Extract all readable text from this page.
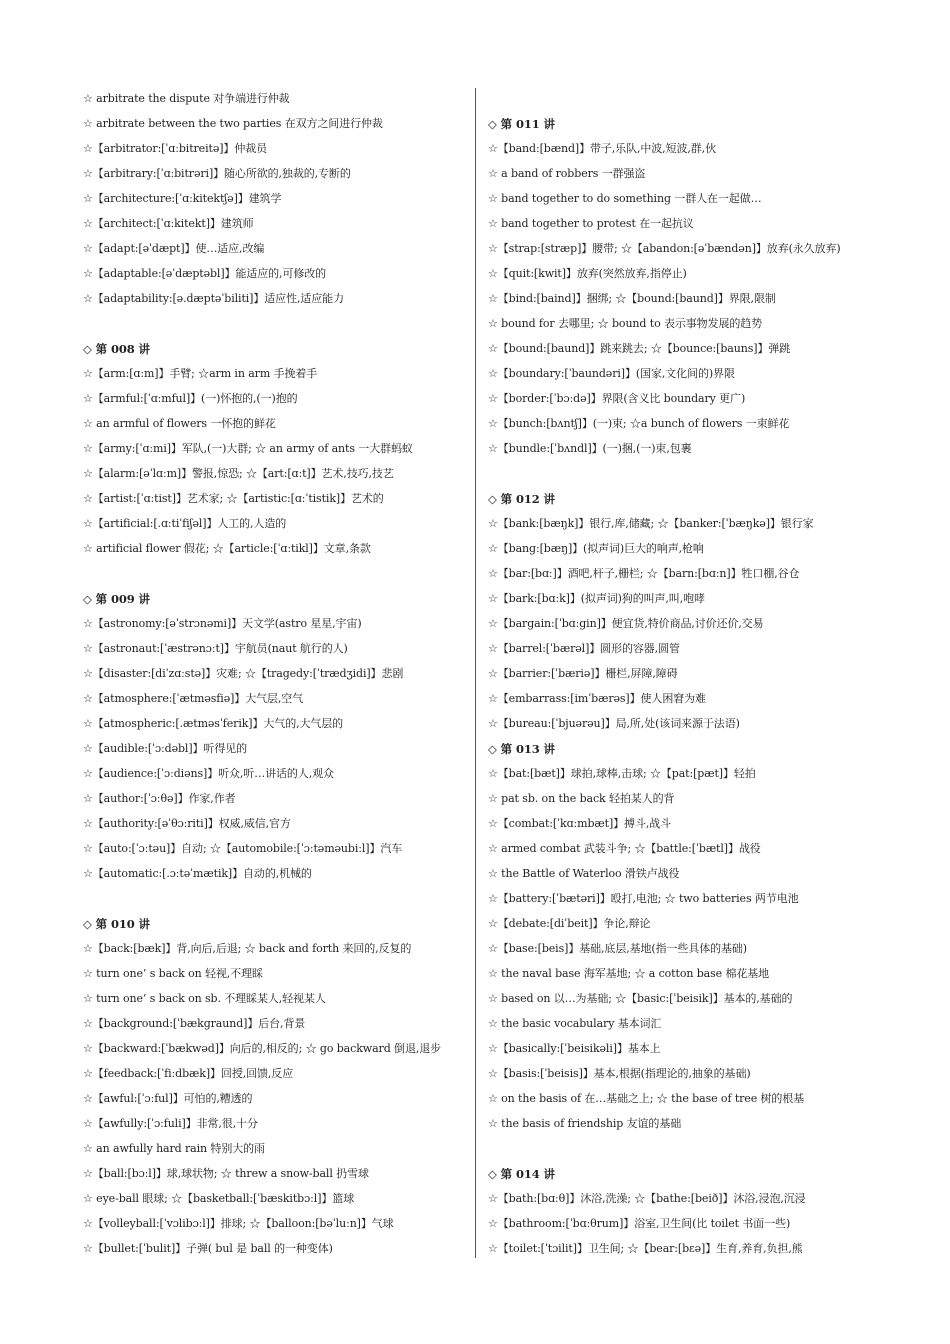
☆ arbitrate the dispute 对争端进行仲裁
☆ arbitrate between the two parties 在双方之间进行仲裁
☆【arbitrator:[ˈɑːbitreitə]】仲裁员
☆【arbitrary:[ˈɑːbitrəri]】随心所欲的,独裁的,专断的
☆【architecture:[ˈɑːkitektʃə]】建筑学
☆【architect:[ˈɑːkitekt]】建筑师
☆【adapt:[əˈdæpt]】使…适应,改编
☆【adaptable:[əˈdæptəbl]】能适应的,可修改的
☆【adaptability:[ə.dæptəˈbiliti]】适应性,适应能力
◇ 第 008 讲
☆【arm:[ɑːm]】手臂; ☆arm in arm 手挽着手
☆【armful:[ˈɑːmful]】(一)怀抱的,(一)抱的
☆ an armful of flowers 一怀抱的鲜花
☆【army:[ˈɑːmi]】军队,(一)大群; ☆ an army of ants 一大群蚂蚁
☆【alarm:[əˈlɑːm]】警报,惊恐; ☆【art:[ɑːt]】艺术,技巧,技艺
☆【artist:[ˈɑːtist]】艺术家; ☆【artistic:[ɑːˈtistik]】艺术的
☆【artificial:[.ɑːtiˈfiʃəl]】人工的,人造的
☆ artificial flower 假花; ☆【article:[ˈɑːtikl]】文章,条款
◇ 第 009 讲
☆【astronomy:[əˈstrɔnəmi]】天文学(astro 星星,宇宙)
☆【astronaut:[ˈæstrənɔːt]】宇航员(naut 航行的人)
☆【disaster:[diˈzɑːstə]】灾难; ☆【tragedy:[ˈtrædʒidi]】悲剧
☆【atmosphere:[ˈætməsfiə]】大气层,空气
☆【atmospheric:[.ætməsˈferik]】大气的,大气层的
☆【audible:[ˈɔːdəbl]】听得见的
☆【audience:[ˈɔːdiəns]】听众,听…讲话的人,观众
☆【author:[ˈɔːθə]】作家,作者
☆【authority:[əˈθɔːriti]】权威,威信,官方
☆【auto:[ˈɔːtəu]】自动; ☆【automobile:[ˈɔːtəməubiːl]】汽车
☆【automatic:[.ɔːtəˈmætik]】自动的,机械的
◇ 第 010 讲
☆【back:[bæk]】背,向后,后退; ☆ back and forth 来回的,反复的
☆ turn one’ s back on 轻视,不理睬
☆ turn one’ s back on sb. 不理睬某人,轻视某人
☆【background:[ˈbækgraund]】后台,背景
☆【backward:[ˈbækwəd]】向后的,相反的; ☆ go backward 倒退,退步
☆【feedback:[ˈfiːdbæk]】回授,回馈,反应
☆【awful:[ˈɔːful]】可怕的,糟透的
☆【awfully:[ˈɔːfuli]】非常,很,十分
☆ an awfully hard rain 特别大的雨
☆【ball:[bɔːl]】球,球状物; ☆ threw a snow-ball 扔雪球
☆ eye-ball 眼球; ☆【basketball:[ˈbæskitbɔːl]】篮球
☆【volleyball:[ˈvɔlibɔːl]】排球; ☆【balloon:[bəˈluːn]】气球
☆【bullet:[ˈbulit]】子弹( bul 是 ball 的一种变体)
◇ 第 011 讲
☆【band:[bænd]】带子,乐队,中波,短波,群,伙
☆ a band of robbers 一群强盗
☆ band together to do something 一群人在一起做…
☆ band together to protest 在一起抗议
☆【strap:[stræp]】腰带; ☆【abandon:[əˈbændən]】放弃(永久放弃)
☆【quit:[kwit]】放弃(突然放弃,指停止)
☆【bind:[baind]】捆绑; ☆【bound:[baund]】界限,限制
☆ bound for 去哪里; ☆ bound to 表示事物发展的趋势
☆【bound:[baund]】跳来跳去; ☆【bounce:[bauns]】弹跳
☆【boundary:[ˈbaundəri]】(国家,文化间的)界限
☆【border:[ˈbɔːdə]】界限(含义比 boundary 更广)
☆【bunch:[bʌntʃ]】(一)束; ☆a bunch of flowers 一束鲜花
☆【bundle:[ˈbʌndl]】(一)捆,(一)束,包裹
◇ 第 012 讲
☆【bank:[bæŋk]】银行,库,储藏; ☆【banker:[ˈbæŋkə]】银行家
☆【bang:[bæŋ]】(拟声词)巨大的响声,枪响
☆【bar:[bɑː]】酒吧,杆子,栅栏; ☆【barn:[bɑːn]】牲口棚,谷仓
☆【bark:[bɑːk]】(拟声词)狗的叫声,叫,咆哮
☆【bargain:[ˈbɑːgin]】便宜货,特价商品,讨价还价,交易
☆【barrel:[ˈbærəl]】圆形的容器,圆管
☆【barrier:[ˈbæriə]】栅栏,屏障,障碍
☆【embarrass:[imˈbærəs]】使人困窘为难
☆【bureau:[ˈbjuərəu]】局,所,处(该词来源于法语)
◇ 第 013 讲
☆【bat:[bæt]】球拍,球棒,击球; ☆【pat:[pæt]】轻拍
☆ pat sb. on the back 轻拍某人的背
☆【combat:[ˈkɑːmbæt]】搏斗,战斗
☆ armed combat 武装斗争; ☆【battle:[ˈbætl]】战役
☆ the Battle of Waterloo 滑铁卢战役
☆【battery:[ˈbætəri]】殴打,电池; ☆ two batteries 两节电池
☆【debate:[diˈbeit]】争论,辩论
☆【base:[beis]】基础,底层,基地(指一些具体的基础)
☆ the naval base 海军基地; ☆ a cotton base 棉花基地
☆ based on 以…为基础; ☆【basic:[ˈbeisik]】基本的,基础的
☆ the basic vocabulary 基本词汇
☆【basically:[ˈbeisikəli]】基本上
☆【basis:[ˈbeisis]】基本,根据(指理论的,抽象的基础)
☆ on the basis of 在…基础之上; ☆ the base of tree 树的根基
☆ the basis of friendship 友谊的基础
◇ 第 014 讲
☆【bath:[bɑːθ]】沐浴,洗澡; ☆【bathe:[beið]】沐浴,浸泡,沉浸
☆【bathroom:[ˈbɑːθrum]】浴室,卫生间(比 toilet 书面一些)
☆【toilet:[ˈtɔilit]】卫生间; ☆【bear:[bɛə]】生育,养育,负担,熊
